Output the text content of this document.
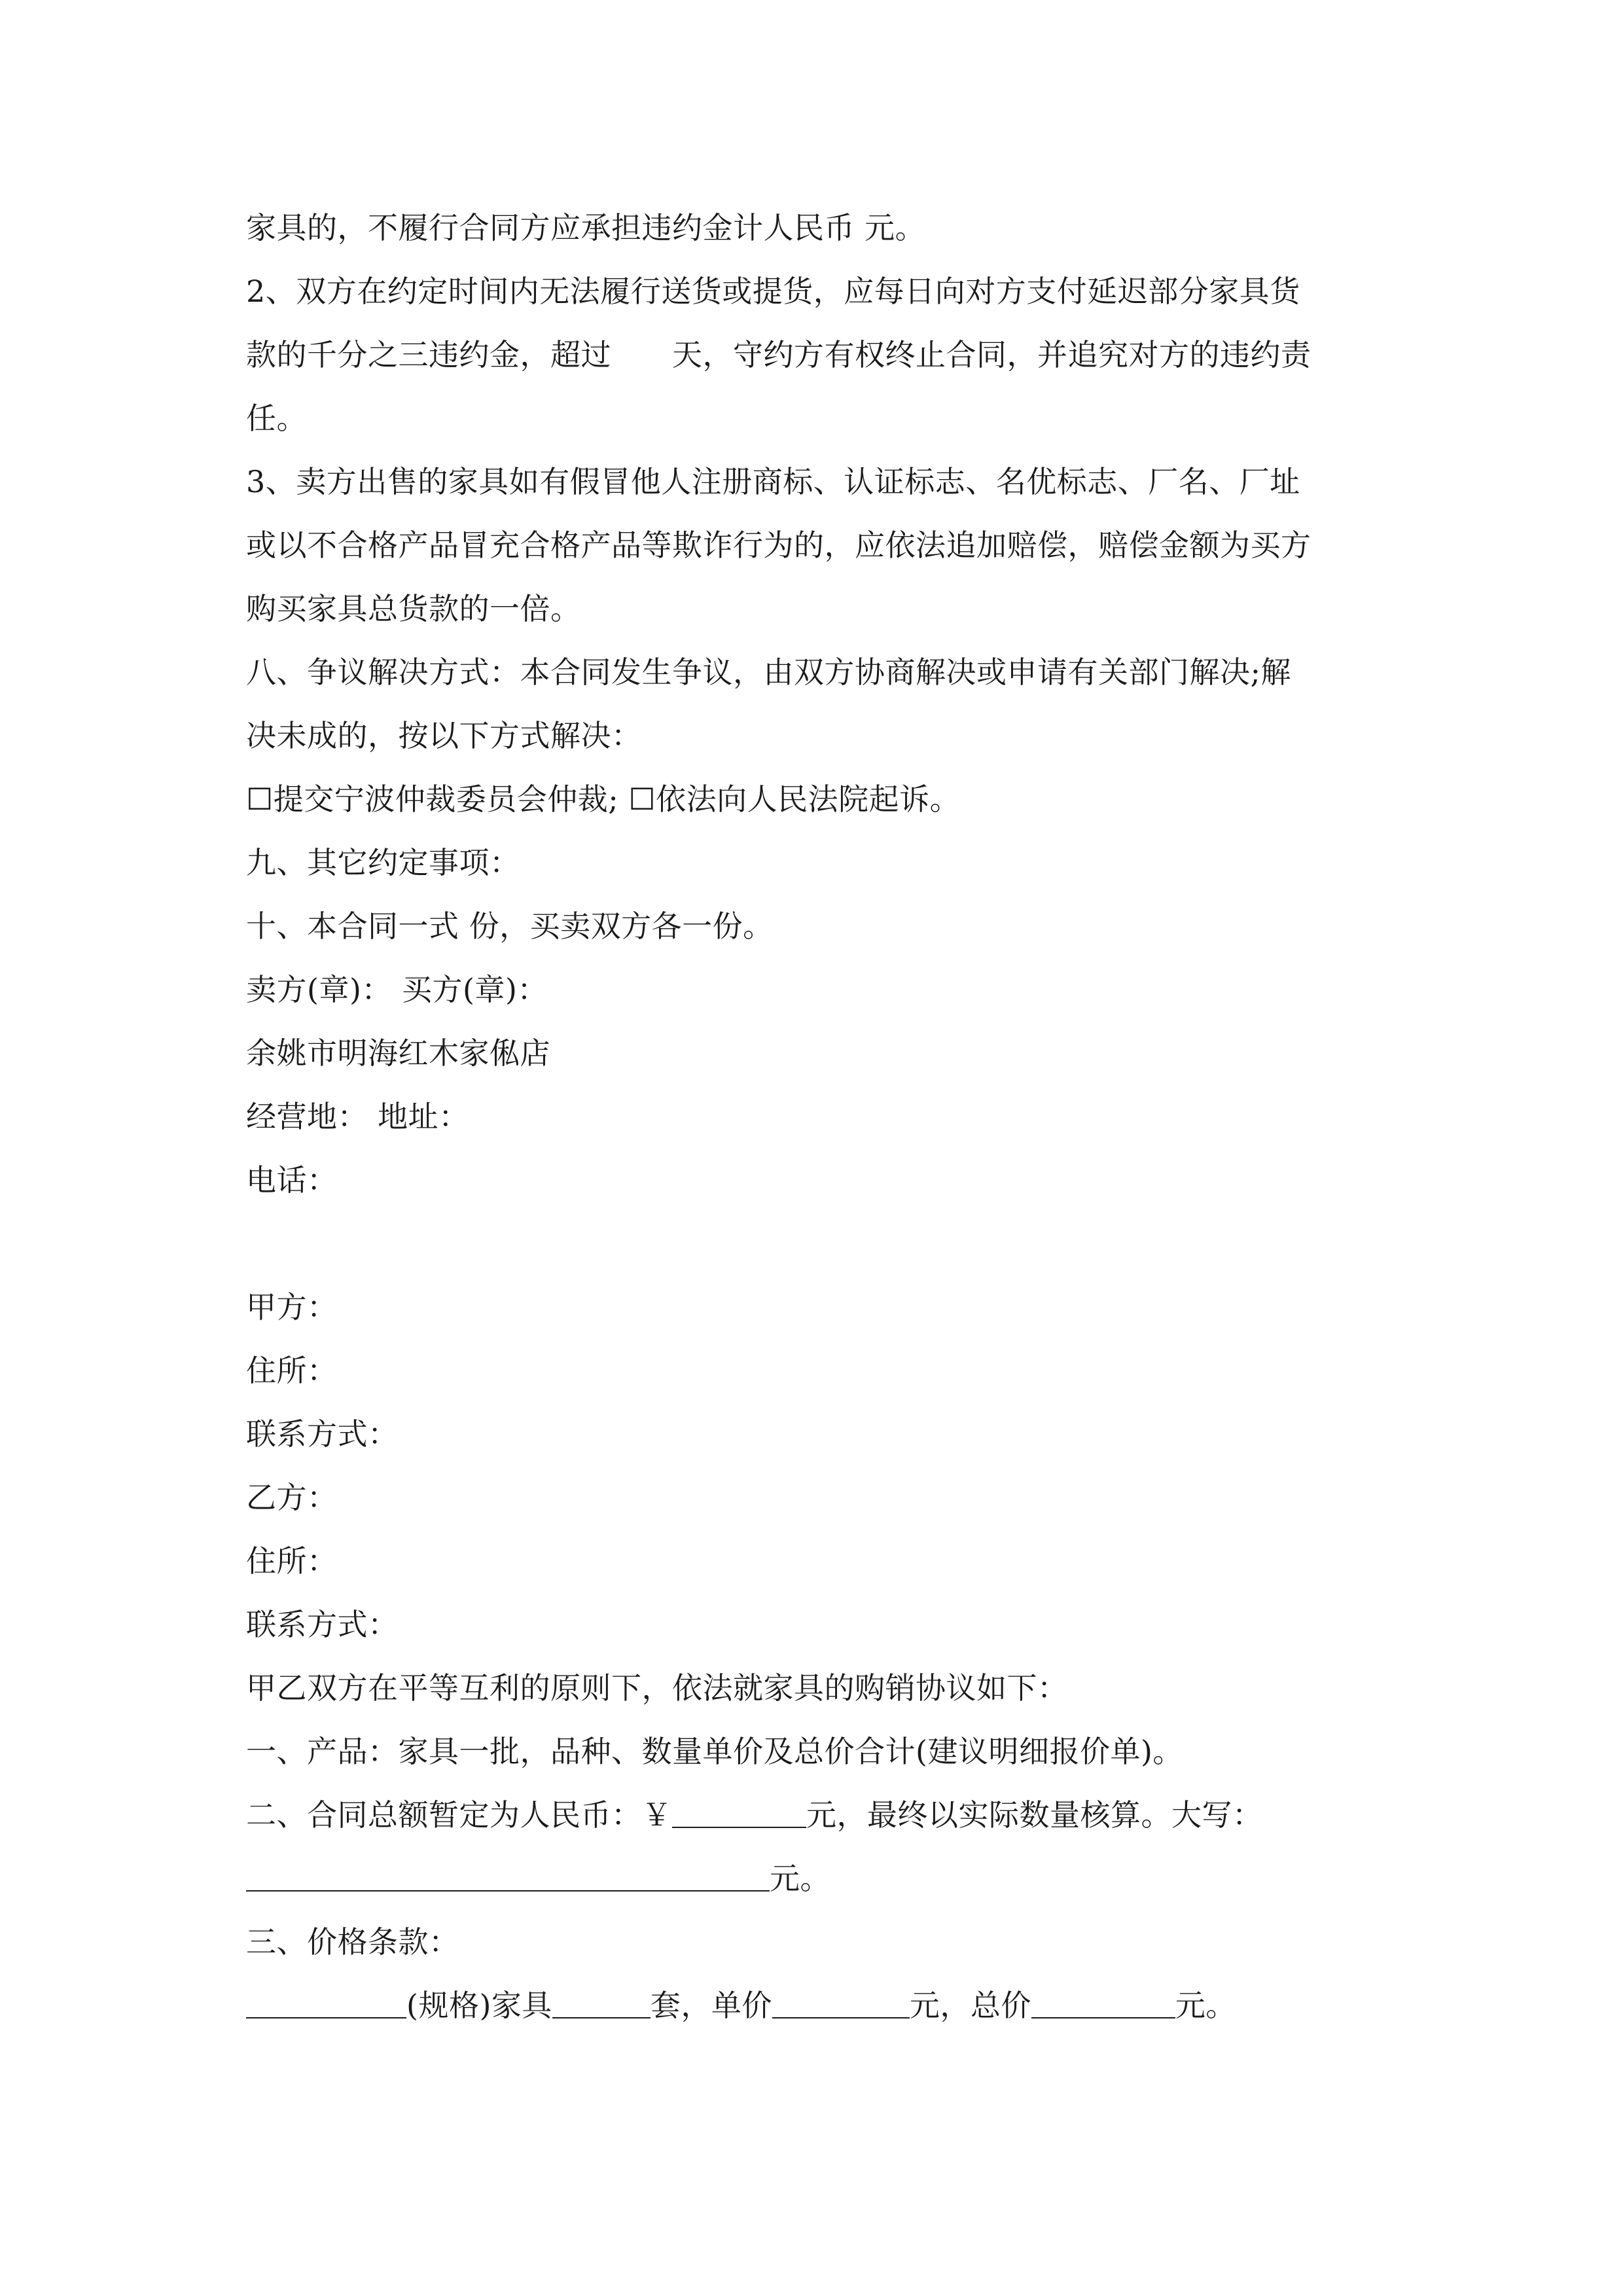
家具的，不履行合同方应承担违约金计人民币 元。
2、双方在约定时间内无法履行送货或提货，应每日向对方支付延迟部分家具货
款的千分之三违约金，超过　　天，守约方有权终止合同，并追究对方的违约责
任。
3、卖方出售的家具如有假冒他人注册商标、认证标志、名优标志、厂名、厂址
或以不合格产品冒充合格产品等欺诈行为的，应依法追加赔偿，赔偿金额为买方
购买家具总货款的一倍。
八、争议解决方式：本合同发生争议，由双方协商解决或申请有关部门解决;解
决未成的，按以下方式解决：
☐提交宁波仲裁委员会仲裁; ☐依法向人民法院起诉。
九、其它约定事项：
十、本合同一式 份，买卖双方各一份。
卖方(章)： 买方(章)：
余姚市明海红木家俬店
经营地： 地址：
电话：
甲方：
住所：
联系方式：
乙方：
住所：
联系方式：
甲乙双方在平等互利的原则下，依法就家具的购销协议如下：
一、产品：家具一批，品种、数量单价及总价合计(建议明细报价单)。
二、合同总额暂定为人民币：￥	元，最终以实际数量核算。大写：
元。
三、价格条款：
(规格)家具	套，单价	元，总价	元。
